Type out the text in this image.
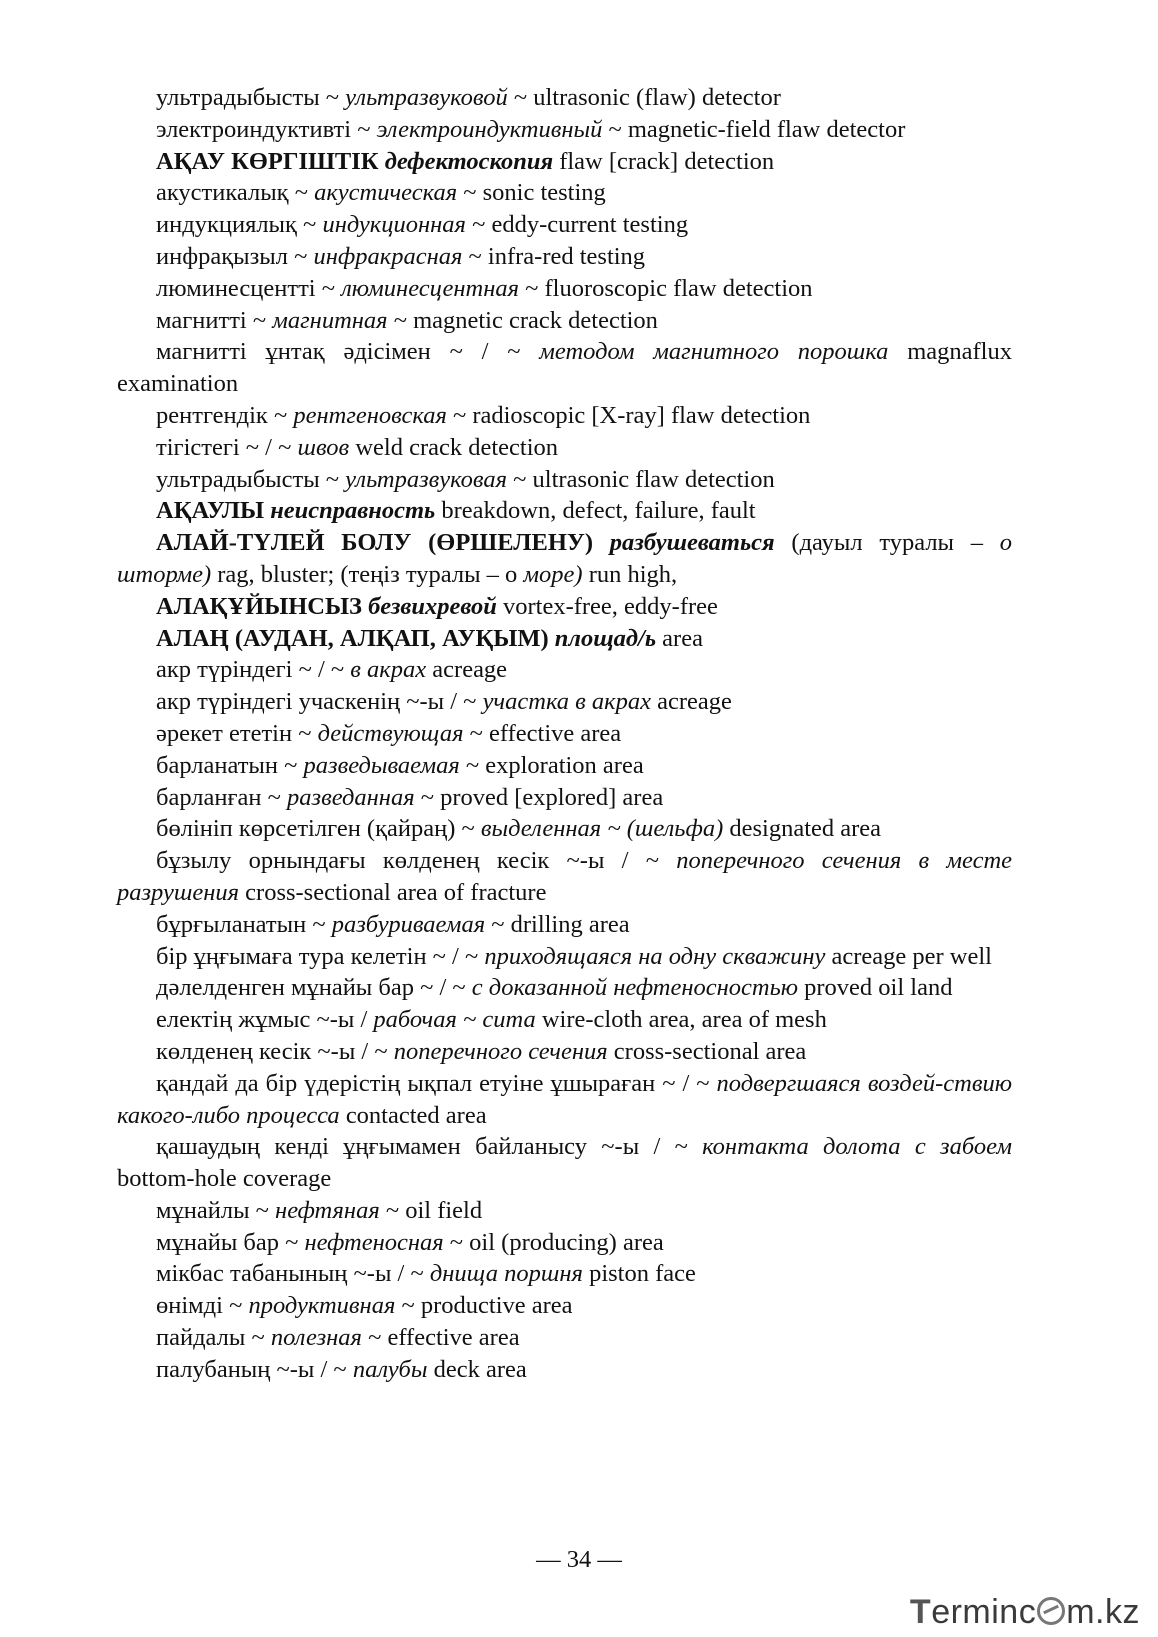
ультрадыбысты ~ ультразвуковой ~ ultrasonic (flaw) detector

электроиндуктивті ~ электроиндуктивный ~ magnetic-field flaw detector

АҚАУ КӨРГІШТІК дефектоскопия flaw [crack] detection

акустикалық ~ акустическая ~ sonic testing

индукциялық ~ индукционная ~ eddy-current testing

инфрақызыл ~ инфракрасная ~ infra-red testing

люминесцентті ~ люминесцентная ~ fluoroscopic flaw detection

магнитті ~ магнитная ~ magnetic crack detection

магнитті ұнтақ әдісімен ~ / ~ методом магнитного порошка magnaflux examination

рентгендік ~ рентгеновская ~ radioscopic [X-ray] flaw detection

тігістегі ~ / ~ швов weld crack detection

ультрадыбысты ~ ультразвуковая ~ ultrasonic flaw detection

АҚАУЛЫ неисправность breakdown, defect, failure, fault

АЛАЙ-ТҮЛЕЙ БОЛУ (ӨРШЕЛЕНУ) разбушеваться (дауыл туралы – о шторме) rag, bluster; (теңіз туралы – о море) run high,

АЛАҚҰЙЫНСЫЗ безвихревой vortex-free, eddy-free

АЛАҢ (АУДАН, АЛҚАП, АУҚЫМ) площад/ь area

акр түріндегі ~ / ~ в акрах acreage

акр түріндегі учаскенің ~-ы / ~ участка в акрах acreage

әрекет ететін ~ действующая ~ effective area

барланатын ~ разведываемая ~ exploration area

барланған ~ разведанная ~ proved [explored] area

бөлініп көрсетілген (қайраң) ~ выделенная ~ (шельфа) designated area

бұзылу орнындағы көлденең кесік ~-ы / ~ поперечного сечения в месте разрушения cross-sectional area of fracture

бұрғыланатын ~ разбуриваемая ~ drilling area

бір ұңғымаға тура келетін ~ / ~ приходящаяся на одну скважину acreage per well

дәлелденген мұнайы бар ~ / ~ с доказанной нефтеносностью proved oil land

електің жұмыс ~-ы / рабочая ~ сита wire-cloth area, area of mesh

көлденең кесік ~-ы / ~ поперечного сечения cross-sectional area

қандай да бір үдерістің ықпал етуіне ұшыраған ~ / ~ подвергшаяся воздей-ствию какого-либо процесса contacted area

қашаудың кенді ұңғымамен байланысу ~-ы / ~ контакта долота с забоем bottom-hole coverage

мұнайлы ~ нефтяная ~ oil field

мұнайы бар ~ нефтеносная ~ oil (producing) area

мікбас табанының ~-ы / ~ днища поршня piston face

өнімді ~ продуктивная ~ productive area

пайдалы ~ полезная ~ effective area

палубаның ~-ы / ~ палубы deck area

— 34 —
Terminc m.kz
